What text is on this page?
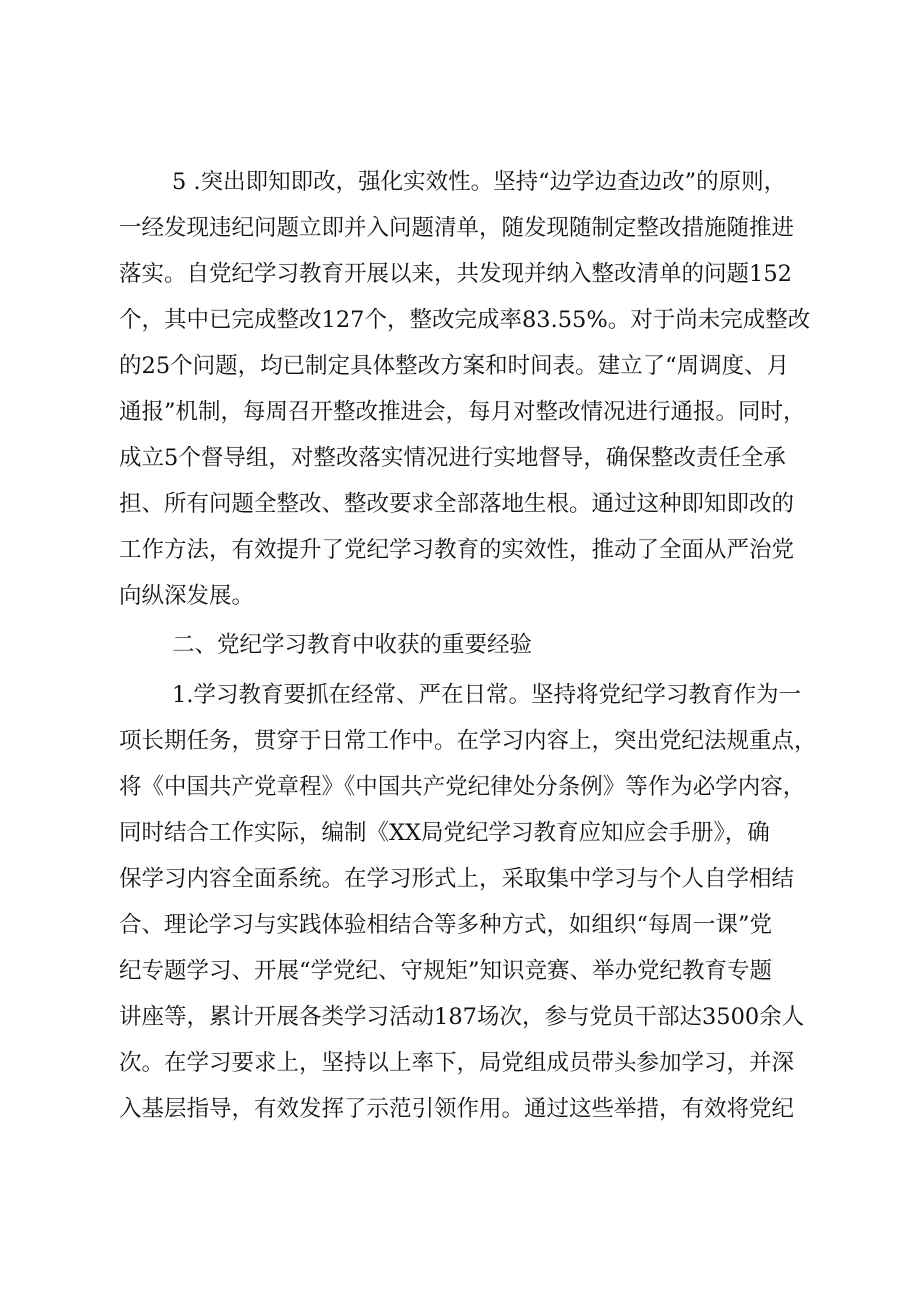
5 .突出即知即改，强化实效性。坚持“边学边查边改”的原则，
一经发现违纪问题立即并入问题清单，随发现随制定整改措施随推进
落实。自党纪学习教育开展以来，共发现并纳入整改清单的问题152
个，其中已完成整改127个，整改完成率83.55%。对于尚未完成整改
的25个问题，均已制定具体整改方案和时间表。建立了“周调度、月
通报”机制，每周召开整改推进会，每月对整改情况进行通报。同时，
成立5个督导组，对整改落实情况进行实地督导，确保整改责任全承
担、所有问题全整改、整改要求全部落地生根。通过这种即知即改的
工作方法，有效提升了党纪学习教育的实效性，推动了全面从严治党
向纵深发展。
二、党纪学习教育中收获的重要经验
1.学习教育要抓在经常、严在日常。坚持将党纪学习教育作为一
项长期任务，贯穿于日常工作中。在学习内容上，突出党纪法规重点，
将《中国共产党章程》《中国共产党纪律处分条例》等作为必学内容，
同时结合工作实际，编制《XX局党纪学习教育应知应会手册》，确
保学习内容全面系统。在学习形式上，采取集中学习与个人自学相结
合、理论学习与实践体验相结合等多种方式，如组织“每周一课”党
纪专题学习、开展“学党纪、守规矩”知识竞赛、举办党纪教育专题
讲座等，累计开展各类学习活动187场次，参与党员干部达3500余人
次。在学习要求上，坚持以上率下，局党组成员带头参加学习，并深
入基层指导，有效发挥了示范引领作用。通过这些举措，有效将党纪
